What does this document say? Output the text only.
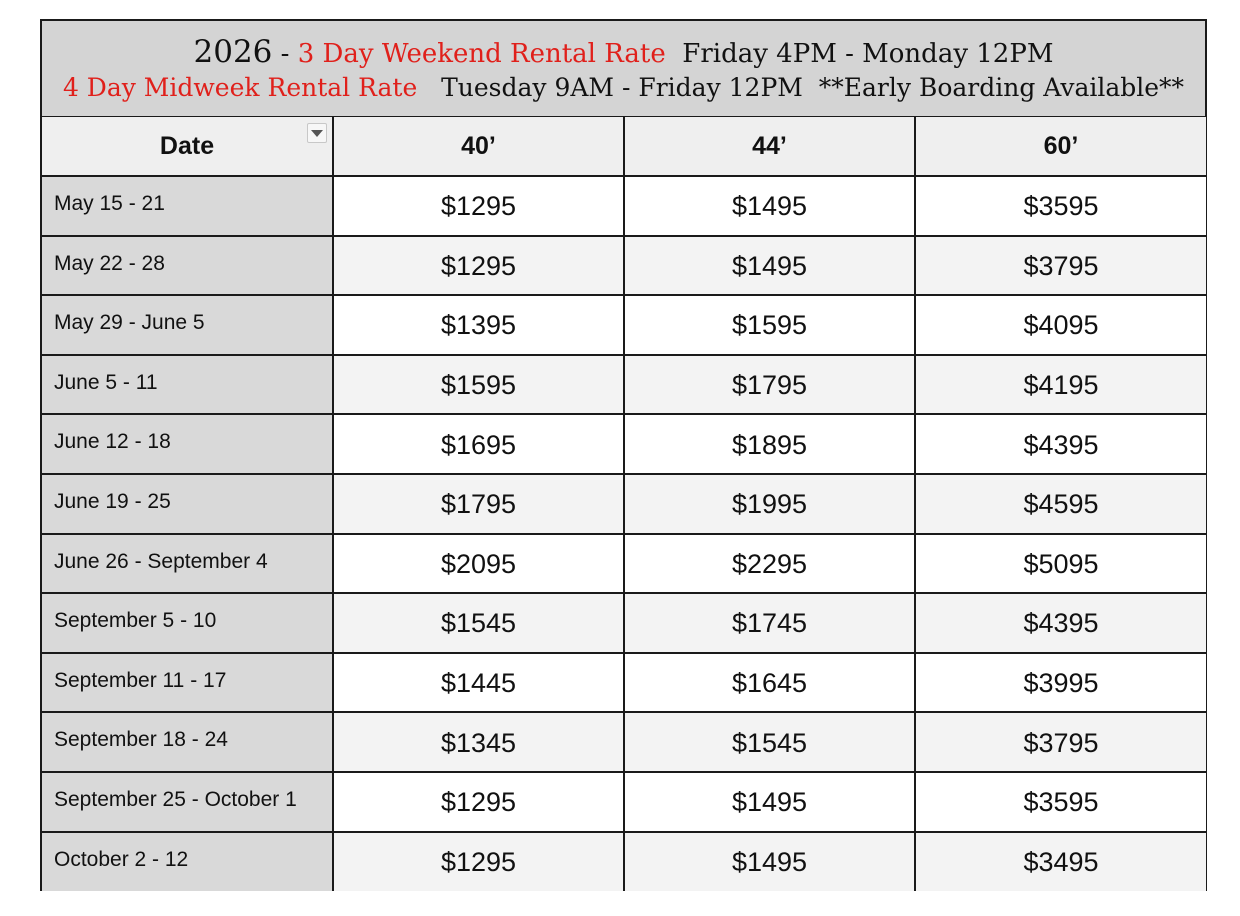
2026 - 3 Day Weekend Rental Rate Friday 4PM - Monday 12PM
4 Day Midweek Rental Rate Tuesday 9AM - Friday 12PM **Early Boarding Available**
Date	40’	44’	60’
May 15 - 21	$1295	$1495	$3595
May 22 - 28	$1295	$1495	$3795
May 29 - June 5	$1395	$1595	$4095
June 5 - 11	$1595	$1795	$4195
June 12 - 18	$1695	$1895	$4395
June 19 - 25	$1795	$1995	$4595
June 26 - September 4	$2095	$2295	$5095
September 5 - 10	$1545	$1745	$4395
September 11 - 17	$1445	$1645	$3995
September 18 - 24	$1345	$1545	$3795
September 25 - October 1	$1295	$1495	$3595
October 2 - 12	$1295	$1495	$3495
